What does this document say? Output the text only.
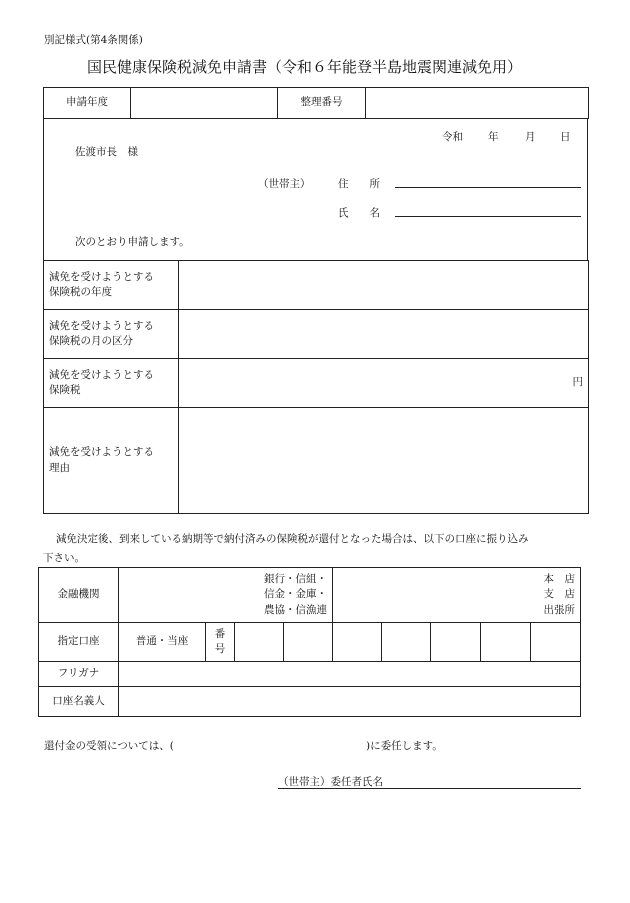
別記様式(第4条関係)
国民健康保険税減免申請書（令和６年能登半島地震関連減免用）
申請年度		整理番号	
令和 年	月 日
佐渡市長　様
（世帯主）	住　　所
氏　　名
次のとおり申請します。
減免を受けようとする
保険税の年度	
減免を受けようとする
保険税の月の区分	
減免を受けようとする
保険税	円
減免を受けようとする
理由	
減免決定後、到来している納期等で納付済みの保険税が還付となった場合は、以下の口座に振り込み
下さい。
金融機関	銀行・信組・
信金・金庫・
農協・信漁連				本　店
支　店
出張所				
指定口座	普通・当座	番
号							
フリガナ									
口座名義人									
還付金の受領については、(	)に委任します。
（世帯主）委任者氏名
